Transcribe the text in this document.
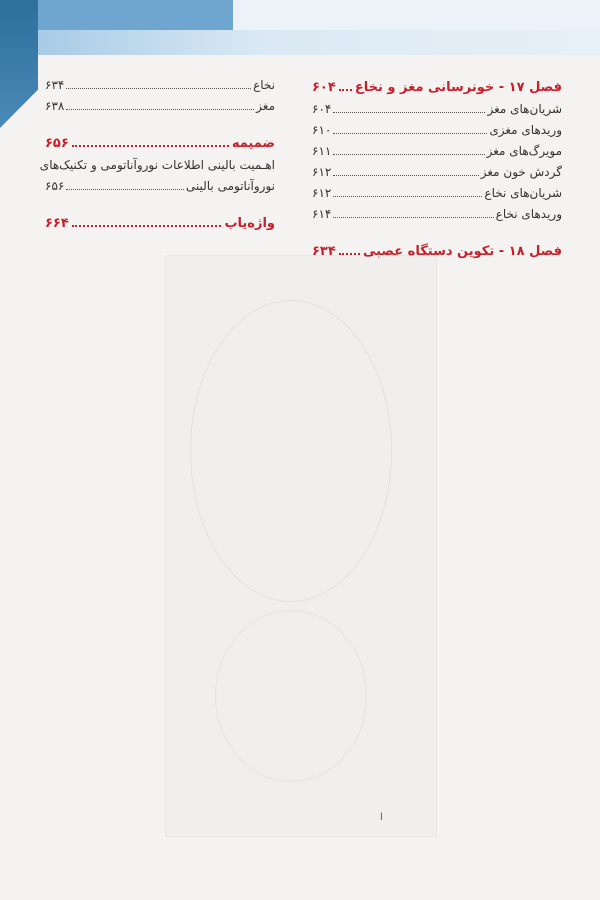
فصل ۱۷ - خونرسانی مغز و نخاع
۶۰۴
شریان‌های مغز
۶۰۴
وریدهای مغزی
۶۱۰
مویرگ‌های مغز
۶۱۱
گردش خون مغز
۶۱۲
شریان‌های نخاع
۶۱۲
وریدهای نخاع
۶۱۴
فصل ۱۸ - تکوین دستگاه عصبی
۶۳۴
نخاع
۶۳۴
مغز
۶۳۸
ضمیمه
۶۵۶
اهـمیت بالینی اطلاعات نوروآناتومی و تکنیک‌های
نوروآناتومی بالینی
۶۵۶
واژه‌یاب
۶۶۴
ا
